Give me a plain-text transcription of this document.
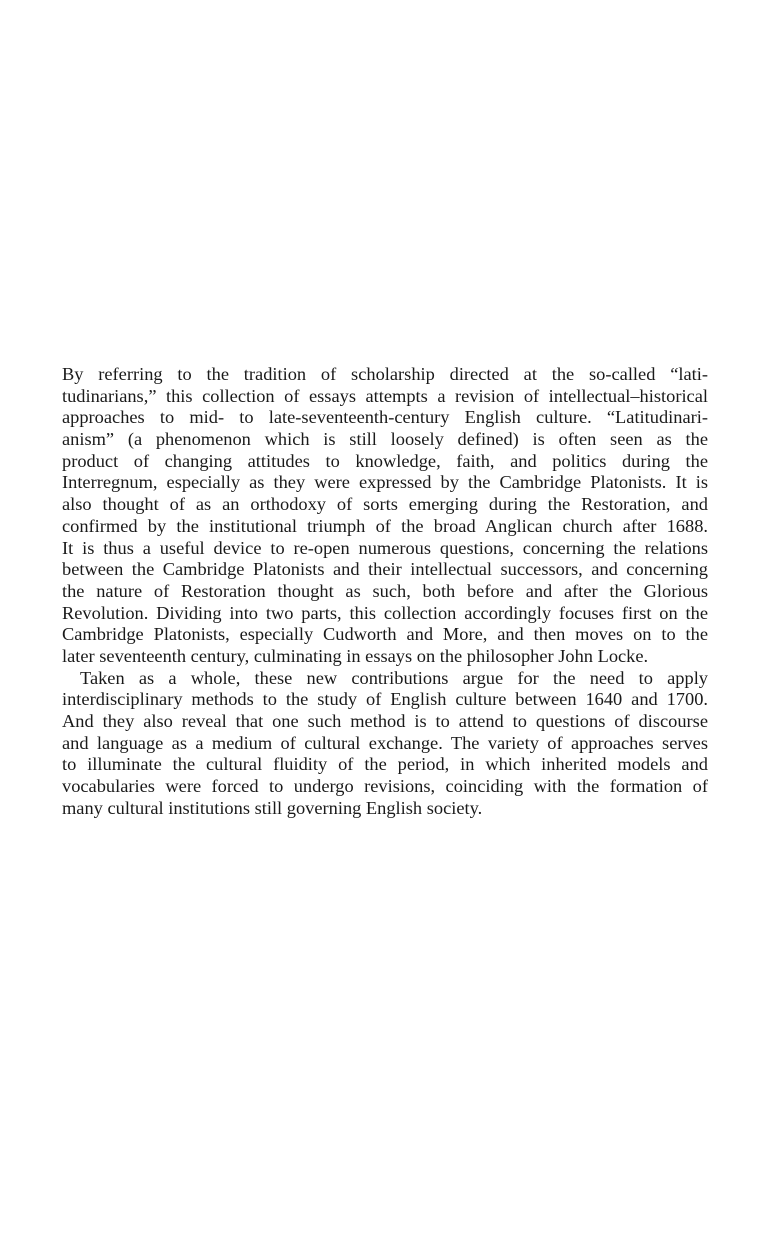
By referring to the tradition of scholarship directed at the so-called “lati-
tudinarians,” this collection of essays attempts a revision of intellectual–historical
approaches to mid- to late-seventeenth-century English culture. “Latitudinari-
anism” (a phenomenon which is still loosely defined) is often seen as the
product of changing attitudes to knowledge, faith, and politics during the
Interregnum, especially as they were expressed by the Cambridge Platonists. It is
also thought of as an orthodoxy of sorts emerging during the Restoration, and
confirmed by the institutional triumph of the broad Anglican church after 1688.
It is thus a useful device to re-open numerous questions, concerning the relations
between the Cambridge Platonists and their intellectual successors, and concerning
the nature of Restoration thought as such, both before and after the Glorious
Revolution. Dividing into two parts, this collection accordingly focuses first on the
Cambridge Platonists, especially Cudworth and More, and then moves on to the
later seventeenth century, culminating in essays on the philosopher John Locke.
Taken as a whole, these new contributions argue for the need to apply
interdisciplinary methods to the study of English culture between 1640 and 1700.
And they also reveal that one such method is to attend to questions of discourse
and language as a medium of cultural exchange. The variety of approaches serves
to illuminate the cultural fluidity of the period, in which inherited models and
vocabularies were forced to undergo revisions, coinciding with the formation of
many cultural institutions still governing English society.
